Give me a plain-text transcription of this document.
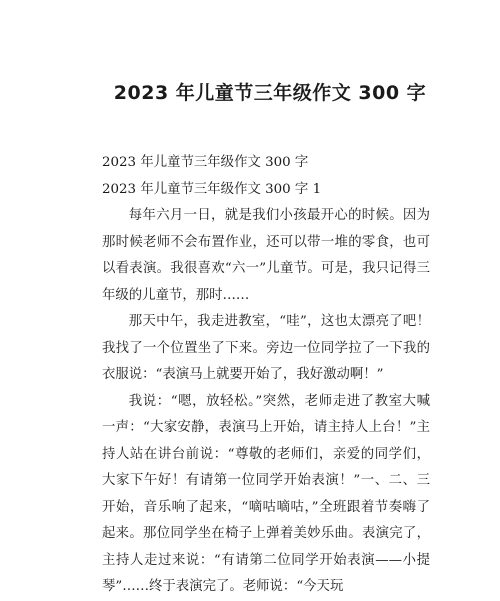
2023 年儿童节三年级作文 300 字

2023 年儿童节三年级作文 300 字

2023 年儿童节三年级作文 300 字 1

每年六月一日，就是我们小孩最开心的时候。因为那时候老师不会布置作业，还可以带一堆的零食，也可以看表演。我很喜欢“六一”儿童节。可是，我只记得三年级的儿童节，那时……

那天中午，我走进教室，“哇”，这也太漂亮了吧！我找了一个位置坐了下来。旁边一位同学拉了一下我的衣服说：“表演马上就要开始了，我好激动啊！”

我说：“嗯，放轻松。”突然，老师走进了教室大喊一声：“大家安静，表演马上开始，请主持人上台！”主持人站在讲台前说：“尊敬的老师们，亲爱的同学们，大家下午好！有请第一位同学开始表演！”一、二、三开始，音乐响了起来，“嘀咕嘀咕，”全班跟着节奏嗨了起来。那位同学坐在椅子上弹着美妙乐曲。表演完了，主持人走过来说：“有请第二位同学开始表演——小提琴”……终于表演完了。老师说：“今天玩
